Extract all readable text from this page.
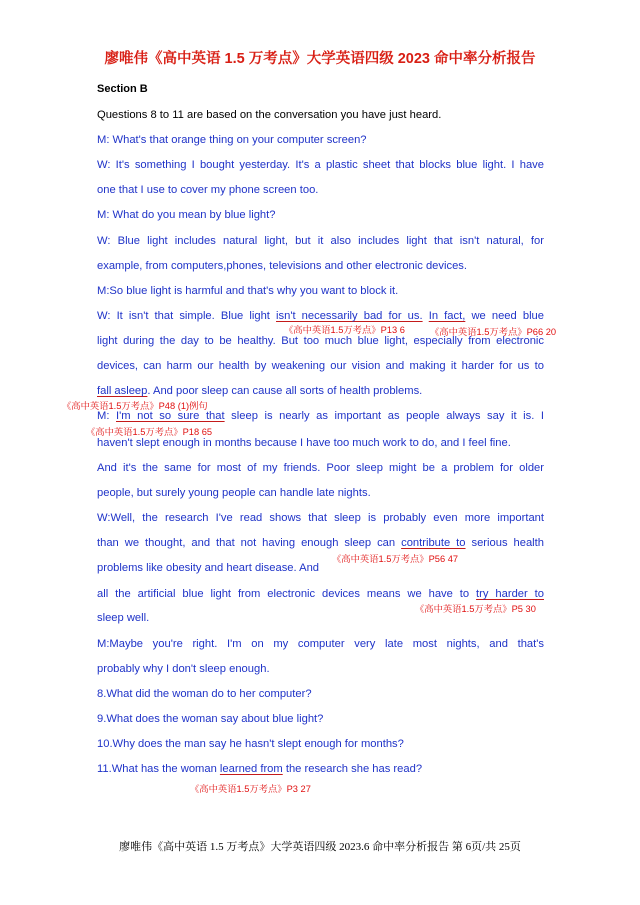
廖唯伟《高中英语 1.5 万考点》大学英语四级 2023 命中率分析报告
Section B
Questions 8 to 11 are based on the conversation you have just heard.
M: What's that orange thing on your computer screen?
W: It's something I bought yesterday. It's a plastic sheet that blocks blue light. I have
one that I use to cover my phone screen too.
M: What do you mean by blue light?
W: Blue light includes natural light, but it also includes light that isn't natural, for
example, from computers,phones, televisions and other electronic devices.
M:So blue light is harmful and that's why you want to block it.
W: It isn't that simple. Blue light isn't necessarily bad for us. In fact, we need blue
《高中英语1.5万考点》P13 6	《高中英语1.5万考点》P66 20
light during the day to be healthy. But too much blue light, especially from electronic
devices, can harm our health by weakening our vision and making it harder for us to
fall asleep. And poor sleep can cause all sorts of health problems.
《高中英语1.5万考点》P48 (1)例句
M: I'm not so sure that sleep is nearly as important as people always say it is. I
《高中英语1.5万考点》P18 65
haven't slept enough in months because I have too much work to do, and I feel fine.
And it's the same for most of my friends. Poor sleep might be a problem for older
people, but surely young people can handle late nights.
W:Well, the research I've read shows that sleep is probably even more important
than we thought, and that not having enough sleep can contribute to serious health
《高中英语1.5万考点》P56 47
problems like obesity and heart disease. And
all the artificial blue light from electronic devices means we have to try harder to
《高中英语1.5万考点》P5 30
sleep well.
M:Maybe you're right. I'm on my computer very late most nights, and that's
probably why I don't sleep enough.
8.What did the woman do to her computer?
9.What does the woman say about blue light?
10.Why does the man say he hasn't slept enough for months?
11.What has the woman learned from the research she has read?
《高中英语1.5万考点》P3 27
廖唯伟《高中英语 1.5 万考点》大学英语四级 2023.6 命中率分析报告 第 6页/共 25页
